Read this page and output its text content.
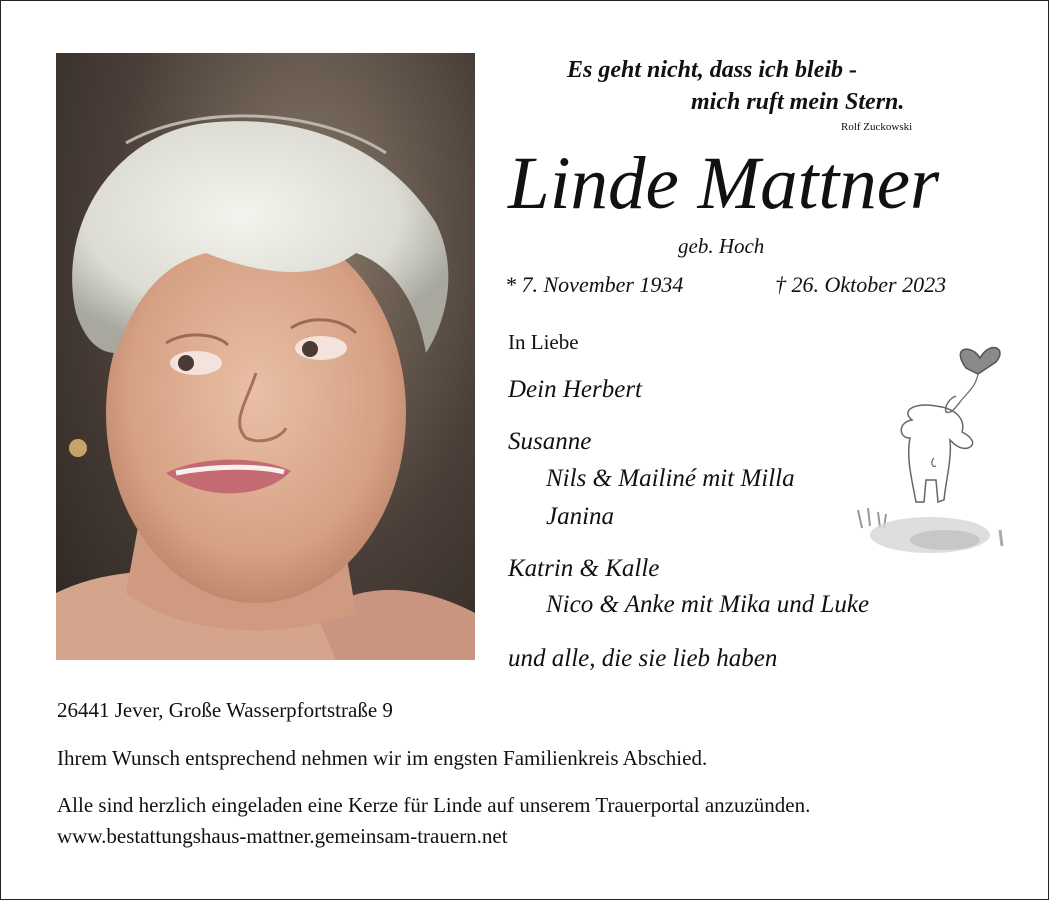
Es geht nicht, dass ich bleib -
mich ruft mein Stern.
Rolf Zuckowski
Linde Mattner
geb. Hoch
* 7. November 1934	† 26. Oktober 2023
In Liebe
Dein Herbert
Susanne
Nils & Mailiné mit Milla
Janina
Katrin & Kalle
Nico & Anke mit Mika und Luke
und alle, die sie lieb haben
26441 Jever, Große Wasserpfortstraße 9
Ihrem Wunsch entsprechend nehmen wir im engsten Familienkreis Abschied.
Alle sind herzlich eingeladen eine Kerze für Linde auf unserem Trauerportal anzuzünden.
www.bestattungshaus-mattner.gemeinsam-trauern.net
